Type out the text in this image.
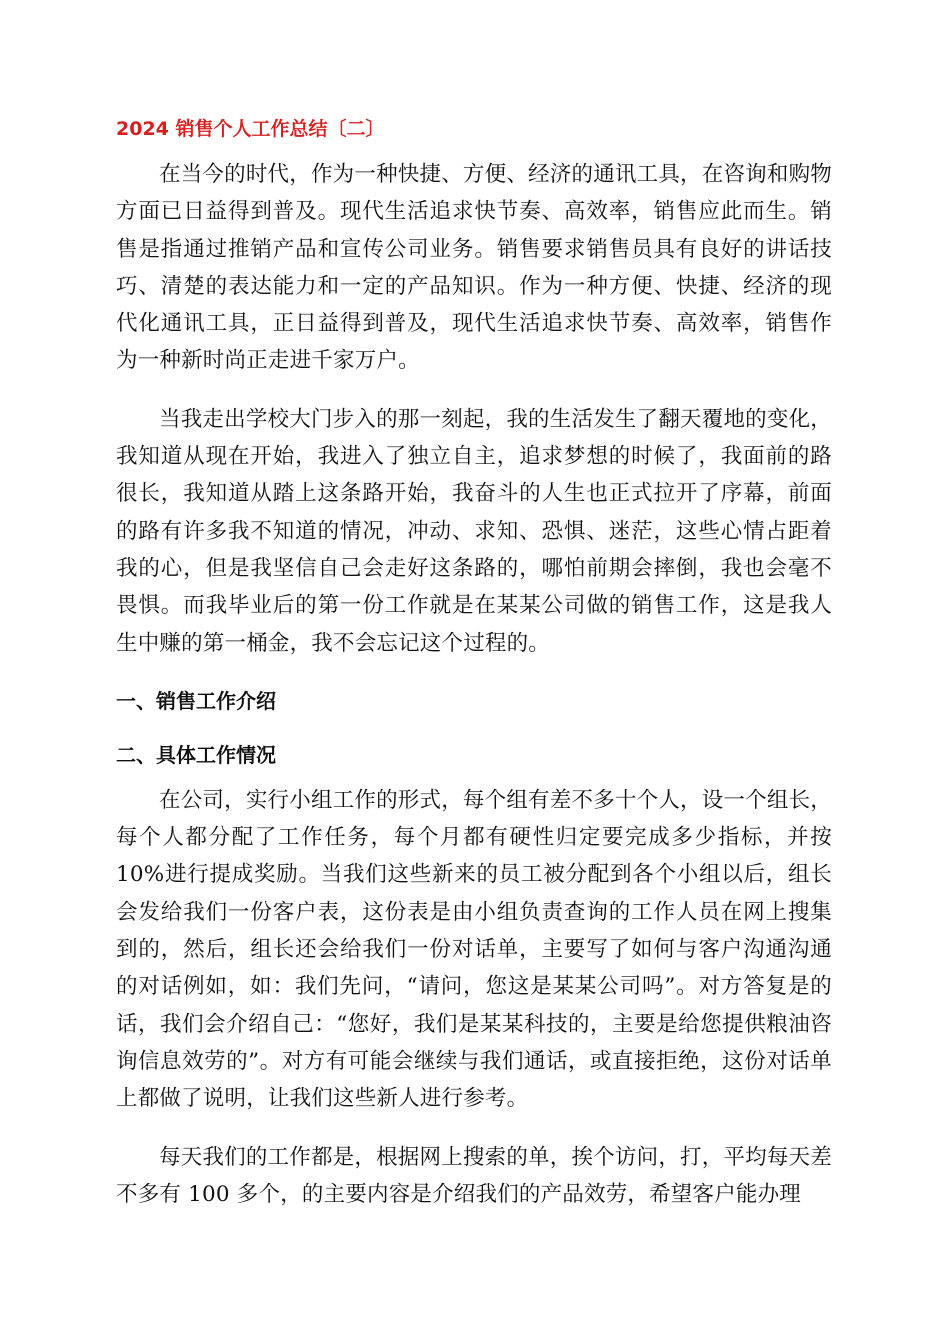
2024 销售个人工作总结〔二〕

在当今的时代，作为一种快捷、方便、经济的通讯工具，在咨询和购物方面已日益得到普及。现代生活追求快节奏、高效率，销售应此而生。销售是指通过推销产品和宣传公司业务。销售要求销售员具有良好的讲话技巧、清楚的表达能力和一定的产品知识。作为一种方便、快捷、经济的现代化通讯工具，正日益得到普及，现代生活追求快节奏、高效率，销售作为一种新时尚正走进千家万户。

当我走出学校大门步入的那一刻起，我的生活发生了翻天覆地的变化，我知道从现在开始，我进入了独立自主，追求梦想的时候了，我面前的路很长，我知道从踏上这条路开始，我奋斗的人生也正式拉开了序幕，前面的路有许多我不知道的情况，冲动、求知、恐惧、迷茫，这些心情占距着我的心，但是我坚信自己会走好这条路的，哪怕前期会摔倒，我也会毫不畏惧。而我毕业后的第一份工作就是在某某公司做的销售工作，这是我人生中赚的第一桶金，我不会忘记这个过程的。

一、销售工作介绍
二、具体工作情况

在公司，实行小组工作的形式，每个组有差不多十个人，设一个组长，每个人都分配了工作任务，每个月都有硬性归定要完成多少指标，并按 10%进行提成奖励。当我们这些新来的员工被分配到各个小组以后，组长会发给我们一份客户表，这份表是由小组负责查询的工作人员在网上搜集到的，然后，组长还会给我们一份对话单，主要写了如何与客户沟通沟通的对话例如，如：我们先问，“请问，您这是某某公司吗”。对方答复是的话，我们会介绍自己：“您好，我们是某某科技的，主要是给您提供粮油咨询信息效劳的”。对方有可能会继续与我们通话，或直接拒绝，这份对话单上都做了说明，让我们这些新人进行参考。

每天我们的工作都是，根据网上搜索的单，挨个访问，打，平均每天差不多有 100 多个，的主要内容是介绍我们的产品效劳，希望客户能办理
